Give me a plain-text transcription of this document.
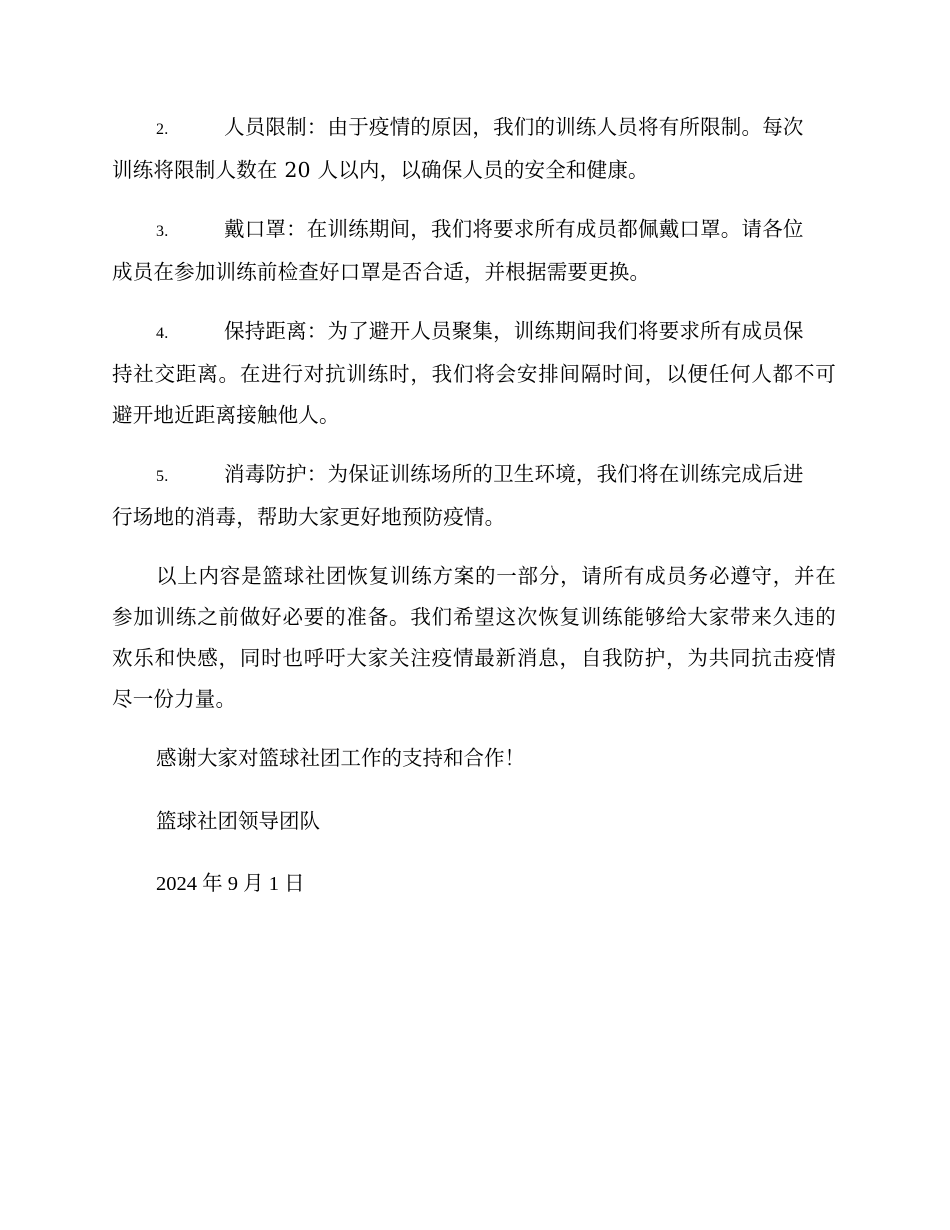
2.	人员限制：由于疫情的原因，我们的训练人员将有所限制。每次
训练将限制人数在 20 人以内，以确保人员的安全和健康。
3.	戴口罩：在训练期间，我们将要求所有成员都佩戴口罩。请各位
成员在参加训练前检查好口罩是否合适，并根据需要更换。
4.	保持距离：为了避开人员聚集，训练期间我们将要求所有成员保
持社交距离。在进行对抗训练时，我们将会安排间隔时间，以便任何人都不可避开地近距离接触他人。
5.	消毒防护：为保证训练场所的卫生环境，我们将在训练完成后进
行场地的消毒，帮助大家更好地预防疫情。

以上内容是篮球社团恢复训练方案的一部分，请所有成员务必遵守，并在参加训练之前做好必要的准备。我们希望这次恢复训练能够给大家带来久违的欢乐和快感，同时也呼吁大家关注疫情最新消息，自我防护，为共同抗击疫情尽一份力量。

感谢大家对篮球社团工作的支持和合作！

篮球社团领导团队

2024 年 9 月 1 日
